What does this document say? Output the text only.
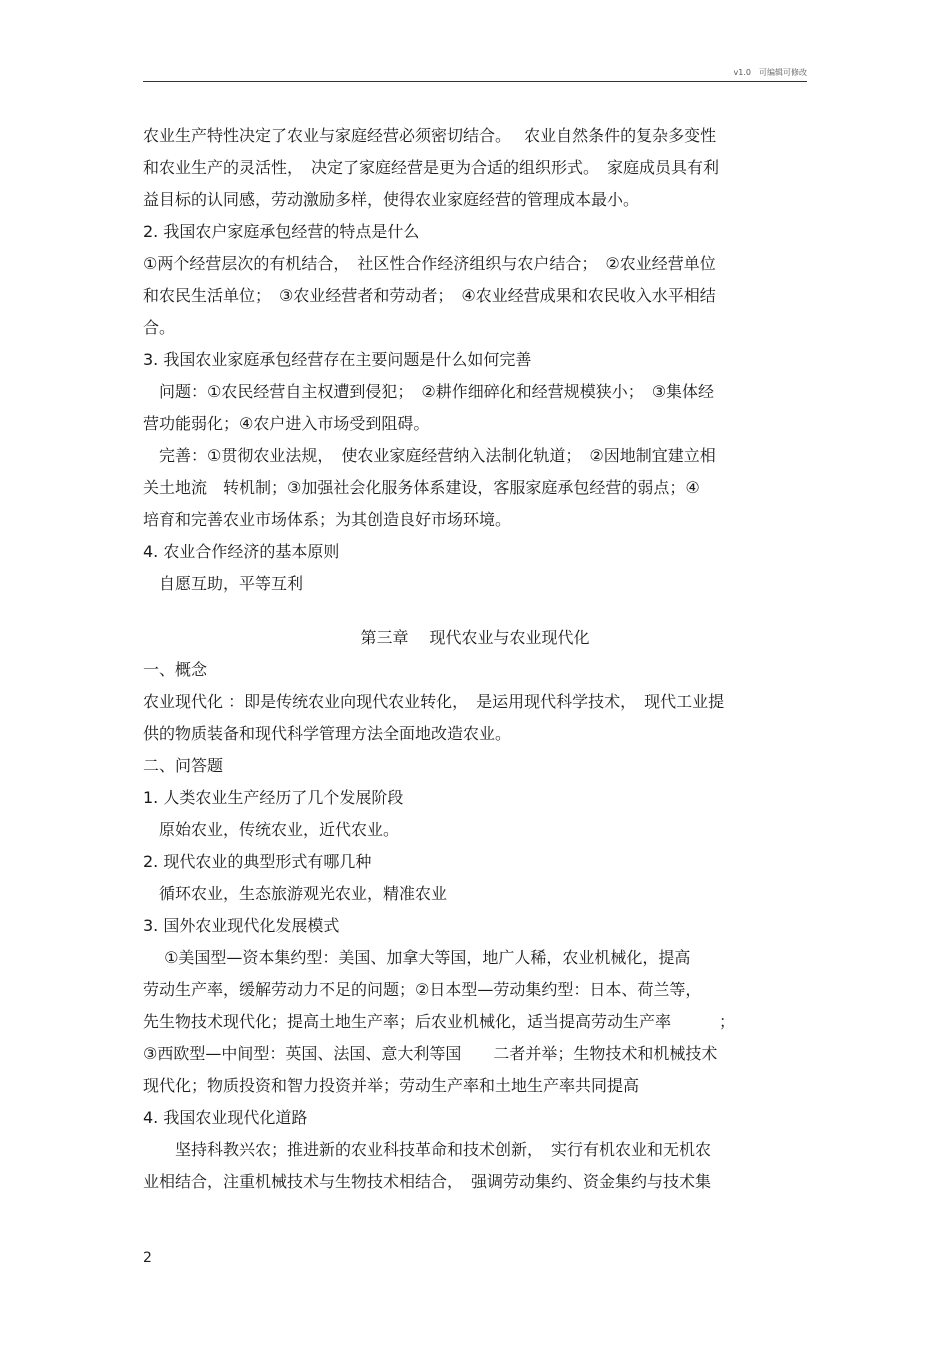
v1.0　可编辑可修改
农业生产特性决定了农业与家庭经营必须密切结合。　 农业自然条件的复杂多变性
和农业生产的灵活性，　决定了家庭经营是更为合适的组织形式。　家庭成员具有利
益目标的认同感，劳动激励多样，使得农业家庭经营的管理成本最小。
2. 我国农户家庭承包经营的特点是什么
①两个经营层次的有机结合，　社区性合作经济组织与农户结合；　②农业经营单位
和农民生活单位；　③农业经营者和劳动者；　④农业经营成果和农民收入水平相结
合。
3. 我国农业家庭承包经营存在主要问题是什么如何完善
　问题：①农民经营自主权遭到侵犯；　②耕作细碎化和经营规模狭小；　③集体经
营功能弱化；④农户进入市场受到阻碍。
　完善：①贯彻农业法规，　使农业家庭经营纳入法制化轨道；　②因地制宜建立相
关土地流　转机制；③加强社会化服务体系建设，客服家庭承包经营的弱点；④
培育和完善农业市场体系；为其创造良好市场环境。
4. 农业合作经济的基本原则
　自愿互助，平等互利
第三章　 现代农业与农业现代化
一、概念
农业现代化 ：即是传统农业向现代农业转化，　是运用现代科学技术，　现代工业提
供的物质装备和现代科学管理方法全面地改造农业。
二、问答题
1. 人类农业生产经历了几个发展阶段
　原始农业，传统农业，近代农业。
2. 现代农业的典型形式有哪几种
　循环农业，生态旅游观光农业，精准农业
3. 国外农业现代化发展模式
　 ①美国型—资本集约型：美国、加拿大等国，地广人稀，农业机械化，提高
劳动生产率，缓解劳动力不足的问题；②日本型—劳动集约型：日本、荷兰等，
先生物技术现代化；提高土地生产率；后农业机械化，适当提高劳动生产率　　　；
③西欧型—中间型：英国、法国、意大利等国　　二者并举；生物技术和机械技术
现代化；物质投资和智力投资并举；劳动生产率和土地生产率共同提高
4. 我国农业现代化道路
　　坚持科教兴农；推进新的农业科技革命和技术创新，　实行有机农业和无机农
业相结合，注重机械技术与生物技术相结合，　强调劳动集约、资金集约与技术集
2
